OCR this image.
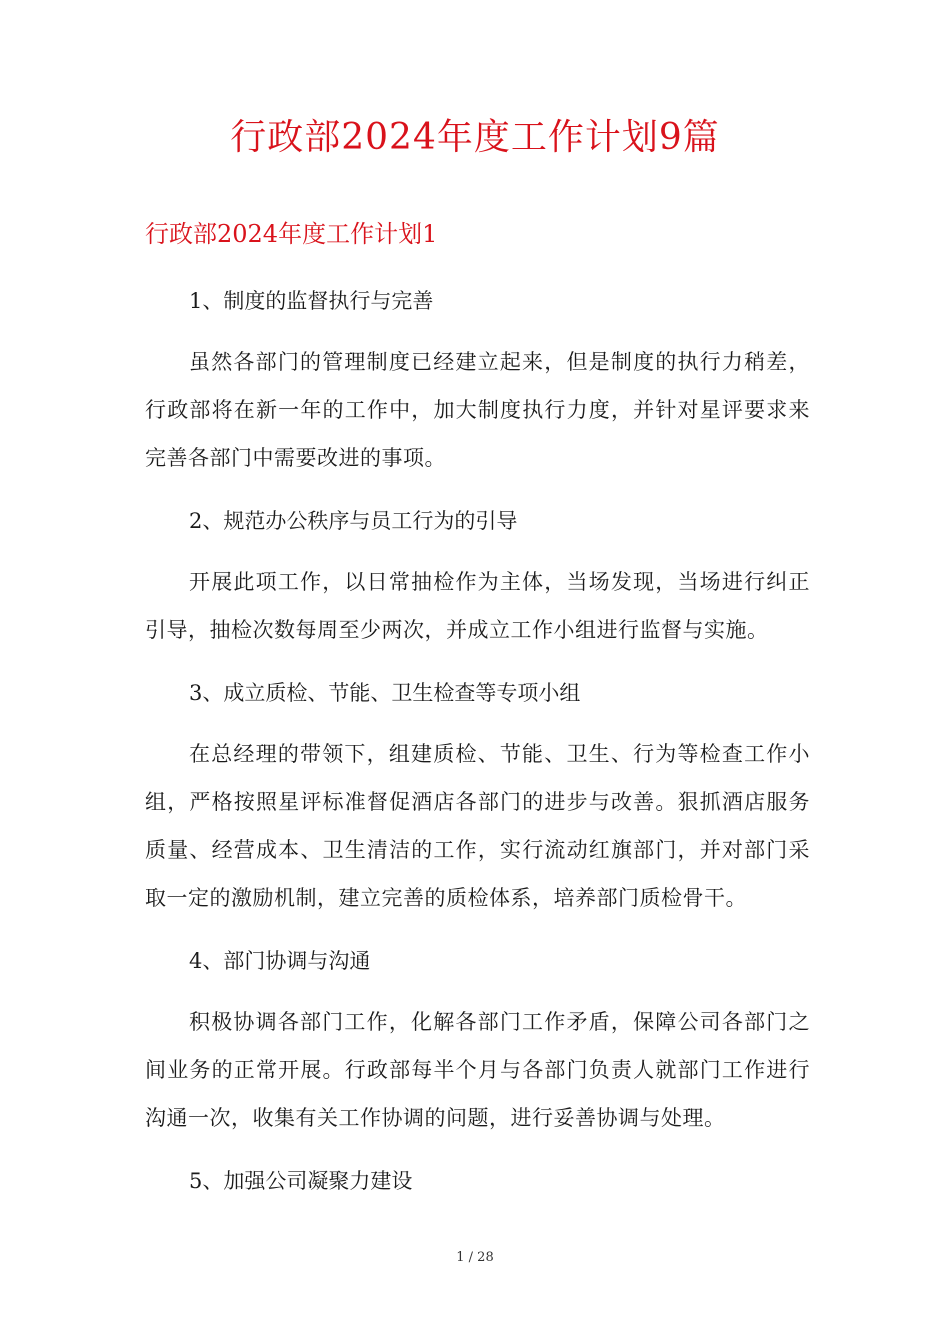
行政部2024年度工作计划9篇
行政部2024年度工作计划1

1、制度的监督执行与完善

虽然各部门的管理制度已经建立起来，但是制度的执行力稍差，行政部将在新一年的工作中，加大制度执行力度，并针对星评要求来完善各部门中需要改进的事项。

2、规范办公秩序与员工行为的引导

开展此项工作，以日常抽检作为主体，当场发现，当场进行纠正引导，抽检次数每周至少两次，并成立工作小组进行监督与实施。

3、成立质检、节能、卫生检查等专项小组

在总经理的带领下，组建质检、节能、卫生、行为等检查工作小组，严格按照星评标准督促酒店各部门的进步与改善。狠抓酒店服务质量、经营成本、卫生清洁的工作，实行流动红旗部门，并对部门采取一定的激励机制，建立完善的质检体系，培养部门质检骨干。

4、部门协调与沟通

积极协调各部门工作，化解各部门工作矛盾，保障公司各部门之间业务的正常开展。行政部每半个月与各部门负责人就部门工作进行沟通一次，收集有关工作协调的问题，进行妥善协调与处理。

5、加强公司凝聚力建设

1 / 28
